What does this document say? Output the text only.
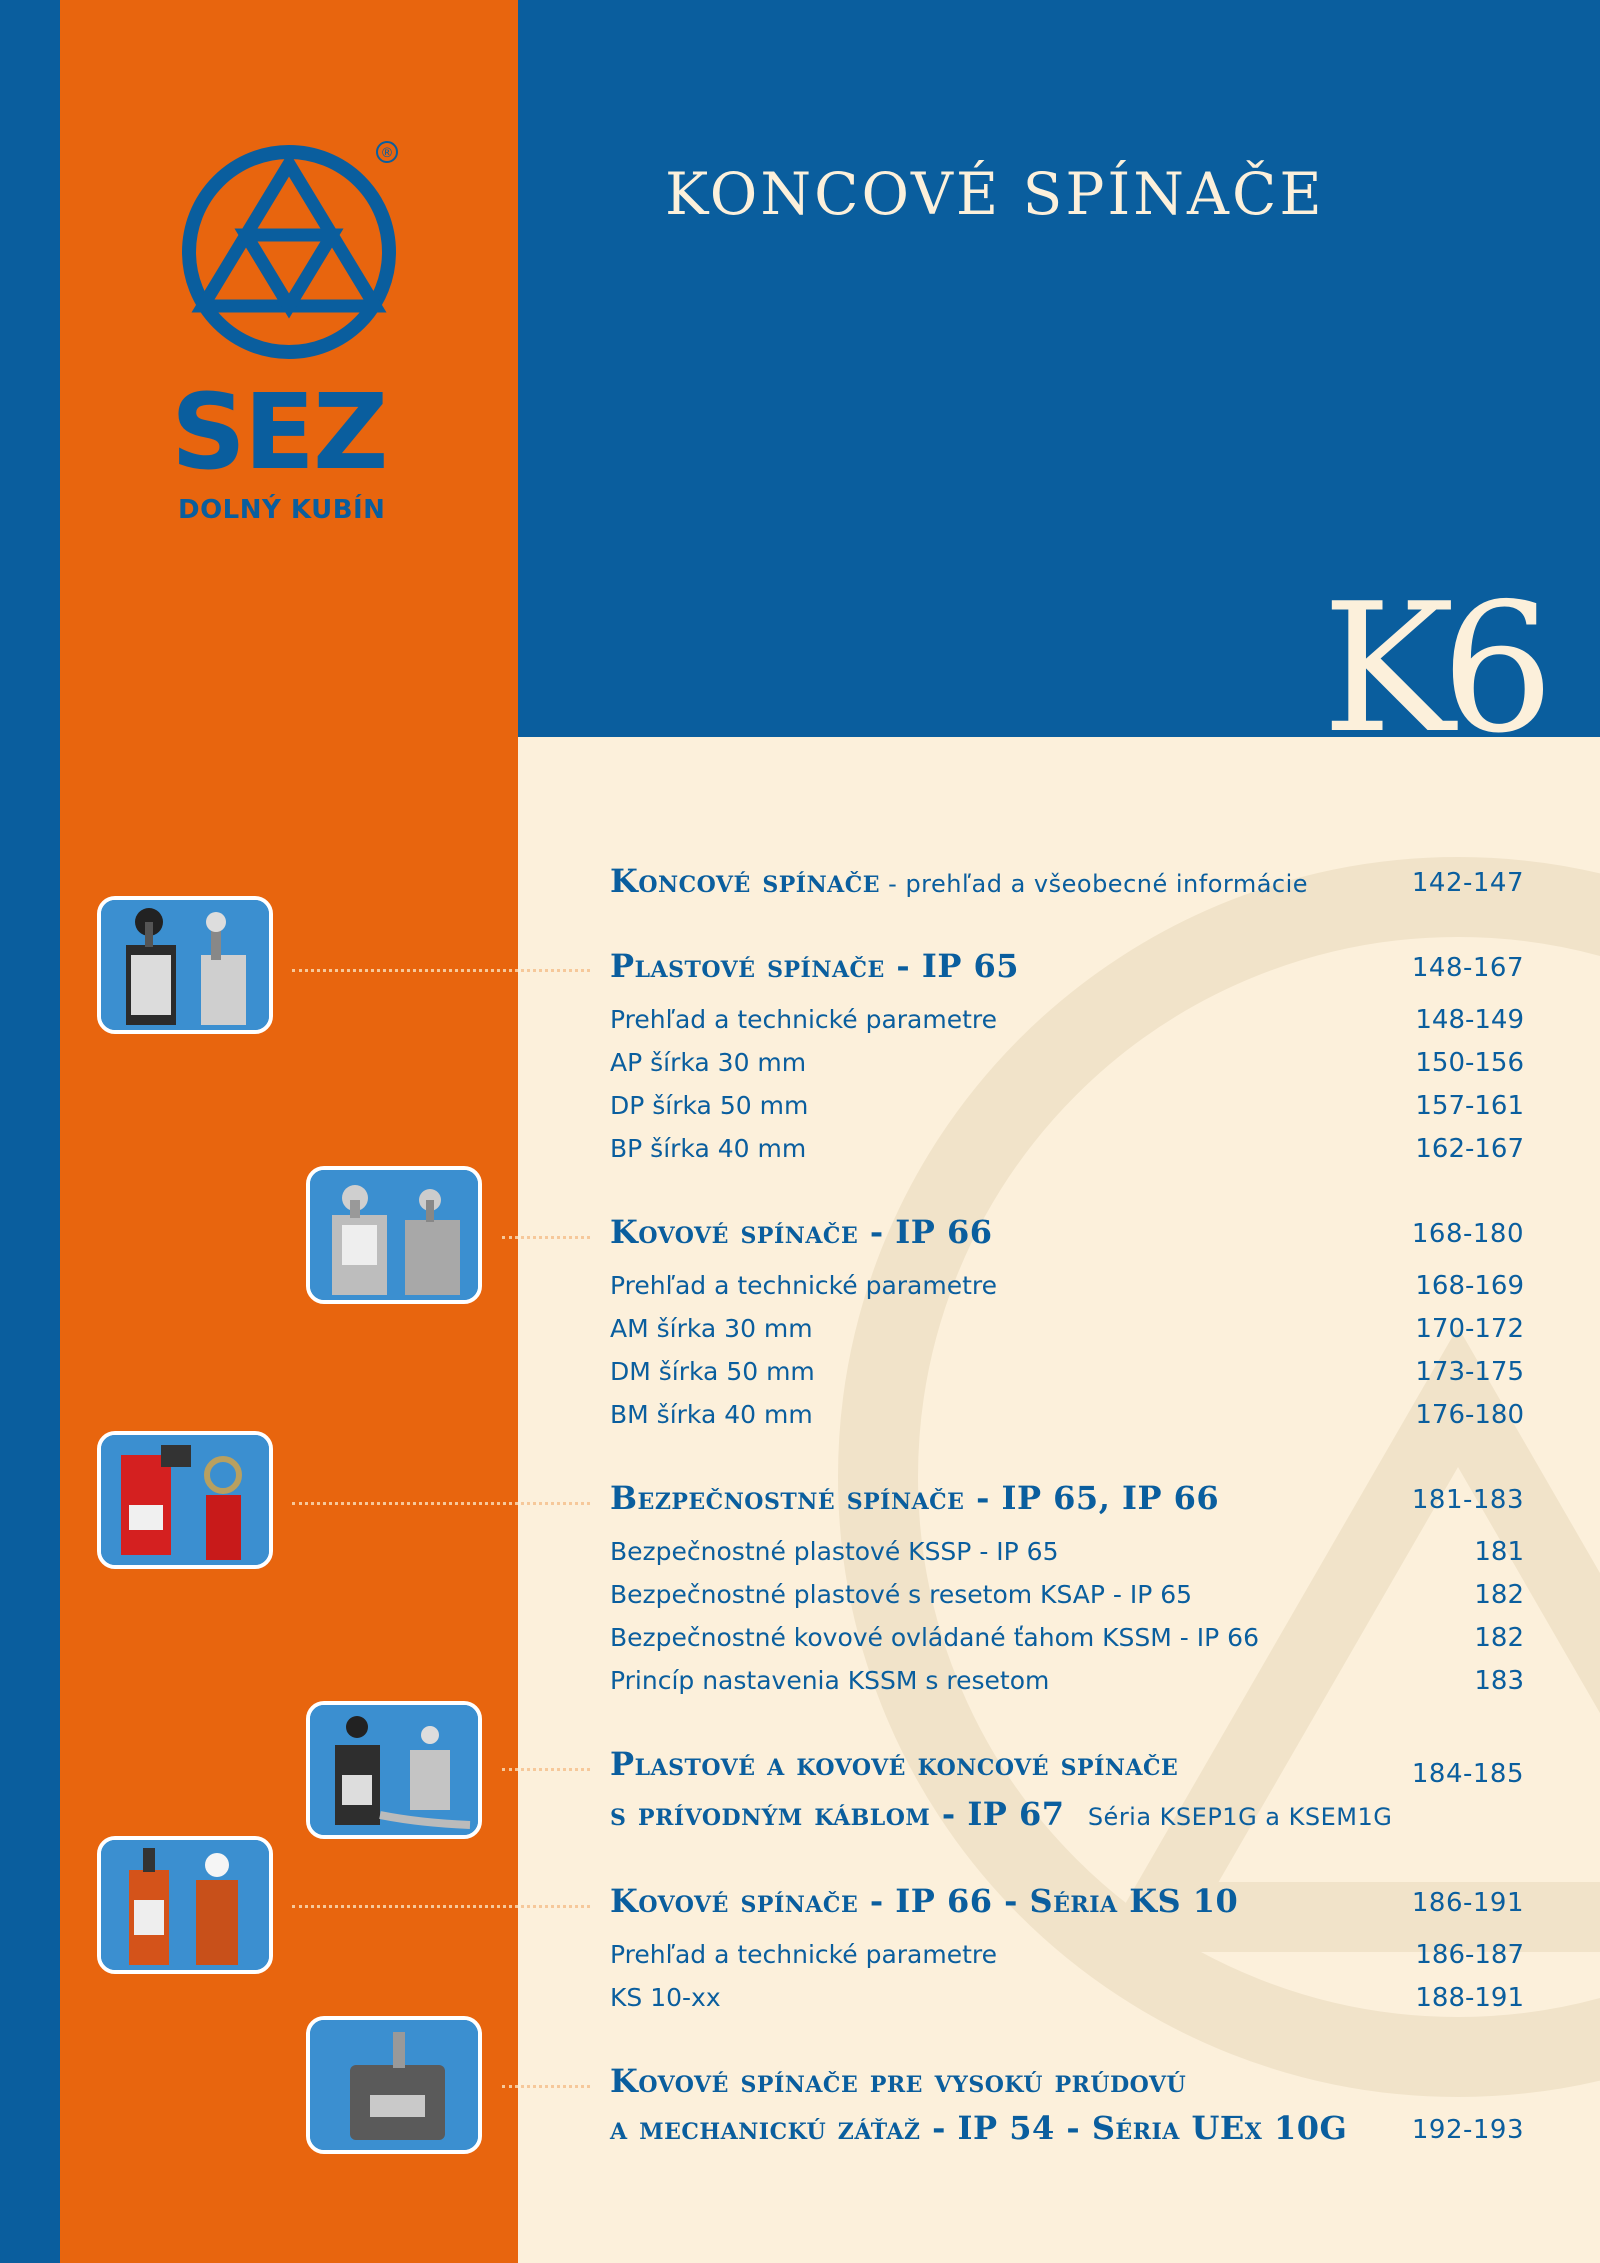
®
SEZ
DOLNÝ KUBÍN
KONCOVÉ SPÍNAČE
K6
Koncové spínače - prehľad a všeobecné informácie	142-147
Plastové spínače - IP 65	148-167
Prehľad a technické parametre	148-149
AP šírka 30 mm	150-156
DP šírka 50 mm	157-161
BP šírka 40 mm	162-167
Kovové spínače - IP 66	168-180
Prehľad a technické parametre	168-169
AM šírka 30 mm	170-172
DM šírka 50 mm	173-175
BM šírka 40 mm	176-180
Bezpečnostné spínače - IP 65, IP 66	181-183
Bezpečnostné plastové KSSP - IP 65	181
Bezpečnostné plastové s resetom KSAP - IP 65	182
Bezpečnostné kovové ovládané ťahom KSSM - IP 66	182
Princíp nastavenia KSSM s resetom	183
Plastové a kovové koncové spínače	184-185
s prívodným káblom - IP 67 Séria KSEP1G a KSEM1G
Kovové spínače - IP 66 - Séria KS 10	186-191
Prehľad a technické parametre	186-187
KS 10-xx	188-191
Kovové spínače pre vysokú prúdovú
a mechanickú záťaž - IP 54 - Séria UEx 10G 192-193
